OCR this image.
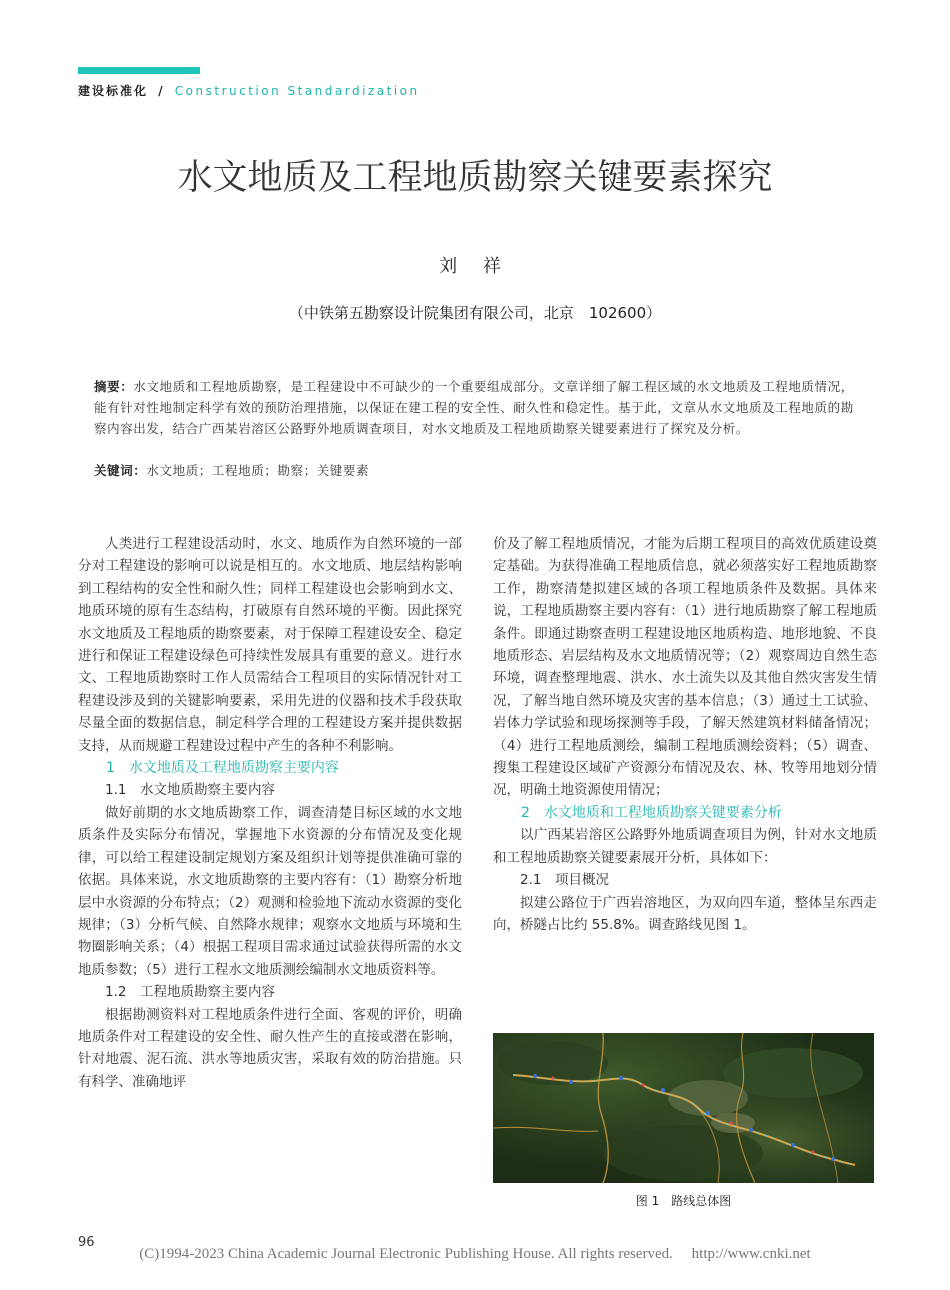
建设标准化 / Construction Standardization
水文地质及工程地质勘察关键要素探究
刘 祥
（中铁第五勘察设计院集团有限公司，北京　102600）
摘要：水文地质和工程地质勘察，是工程建设中不可缺少的一个重要组成部分。文章详细了解工程区域的水文地质及工程地质情况，能有针对性地制定科学有效的预防治理措施，以保证在建工程的安全性、耐久性和稳定性。基于此，文章从水文地质及工程地质的勘察内容出发，结合广西某岩溶区公路野外地质调查项目，对水文地质及工程地质勘察关键要素进行了探究及分析。
关键词：水文地质；工程地质；勘察；关键要素

人类进行工程建设活动时，水文、地质作为自然环境的一部分对工程建设的影响可以说是相互的。水文地质、地层结构影响到工程结构的安全性和耐久性；同样工程建设也会影响到水文、地质环境的原有生态结构，打破原有自然环境的平衡。因此探究水文地质及工程地质的勘察要素，对于保障工程建设安全、稳定进行和保证工程建设绿色可持续性发展具有重要的意义。进行水文、工程地质勘察时工作人员需结合工程项目的实际情况针对工程建设涉及到的关键影响要素，采用先进的仪器和技术手段获取尽量全面的数据信息，制定科学合理的工程建设方案并提供数据支持，从而规避工程建设过程中产生的各种不利影响。

1　水文地质及工程地质勘察主要内容

1.1　水文地质勘察主要内容

做好前期的水文地质勘察工作，调查清楚目标区域的水文地质条件及实际分布情况，掌握地下水资源的分布情况及变化规律，可以给工程建设制定规划方案及组织计划等提供准确可靠的依据。具体来说，水文地质勘察的主要内容有：（1）勘察分析地层中水资源的分布特点；（2）观测和检验地下流动水资源的变化规律；（3）分析气候、自然降水规律；观察水文地质与环境和生物圈影响关系；（4）根据工程项目需求通过试验获得所需的水文地质参数；（5）进行工程水文地质测绘编制水文地质资料等。

1.2　工程地质勘察主要内容

根据勘测资料对工程地质条件进行全面、客观的评价，明确地质条件对工程建设的安全性、耐久性产生的直接或潜在影响，针对地震、泥石流、洪水等地质灾害，采取有效的防治措施。只有科学、准确地评

价及了解工程地质情况，才能为后期工程项目的高效优质建设奠定基础。为获得准确工程地质信息，就必须落实好工程地质勘察工作，勘察清楚拟建区域的各项工程地质条件及数据。具体来说，工程地质勘察主要内容有：（1）进行地质勘察了解工程地质条件。即通过勘察查明工程建设地区地质构造、地形地貌、不良地质形态、岩层结构及水文地质情况等；（2）观察周边自然生态环境，调查整理地震、洪水、水土流失以及其他自然灾害发生情况，了解当地自然环境及灾害的基本信息；（3）通过土工试验、岩体力学试验和现场探测等手段，了解天然建筑材料储备情况；（4）进行工程地质测绘，编制工程地质测绘资料；（5）调查、搜集工程建设区域矿产资源分布情况及农、林、牧等用地划分情况，明确土地资源使用情况；

2　水文地质和工程地质勘察关键要素分析

以广西某岩溶区公路野外地质调查项目为例，针对水文地质和工程地质勘察关键要素展开分析，具体如下：

2.1　项目概况

拟建公路位于广西岩溶地区，为双向四车道，整体呈东西走向，桥隧占比约 55.8%。调查路线见图 1。

图 1　路线总体图
96
(C)1994-2023 China Academic Journal Electronic Publishing House. All rights reserved.　 http://www.cnki.net
